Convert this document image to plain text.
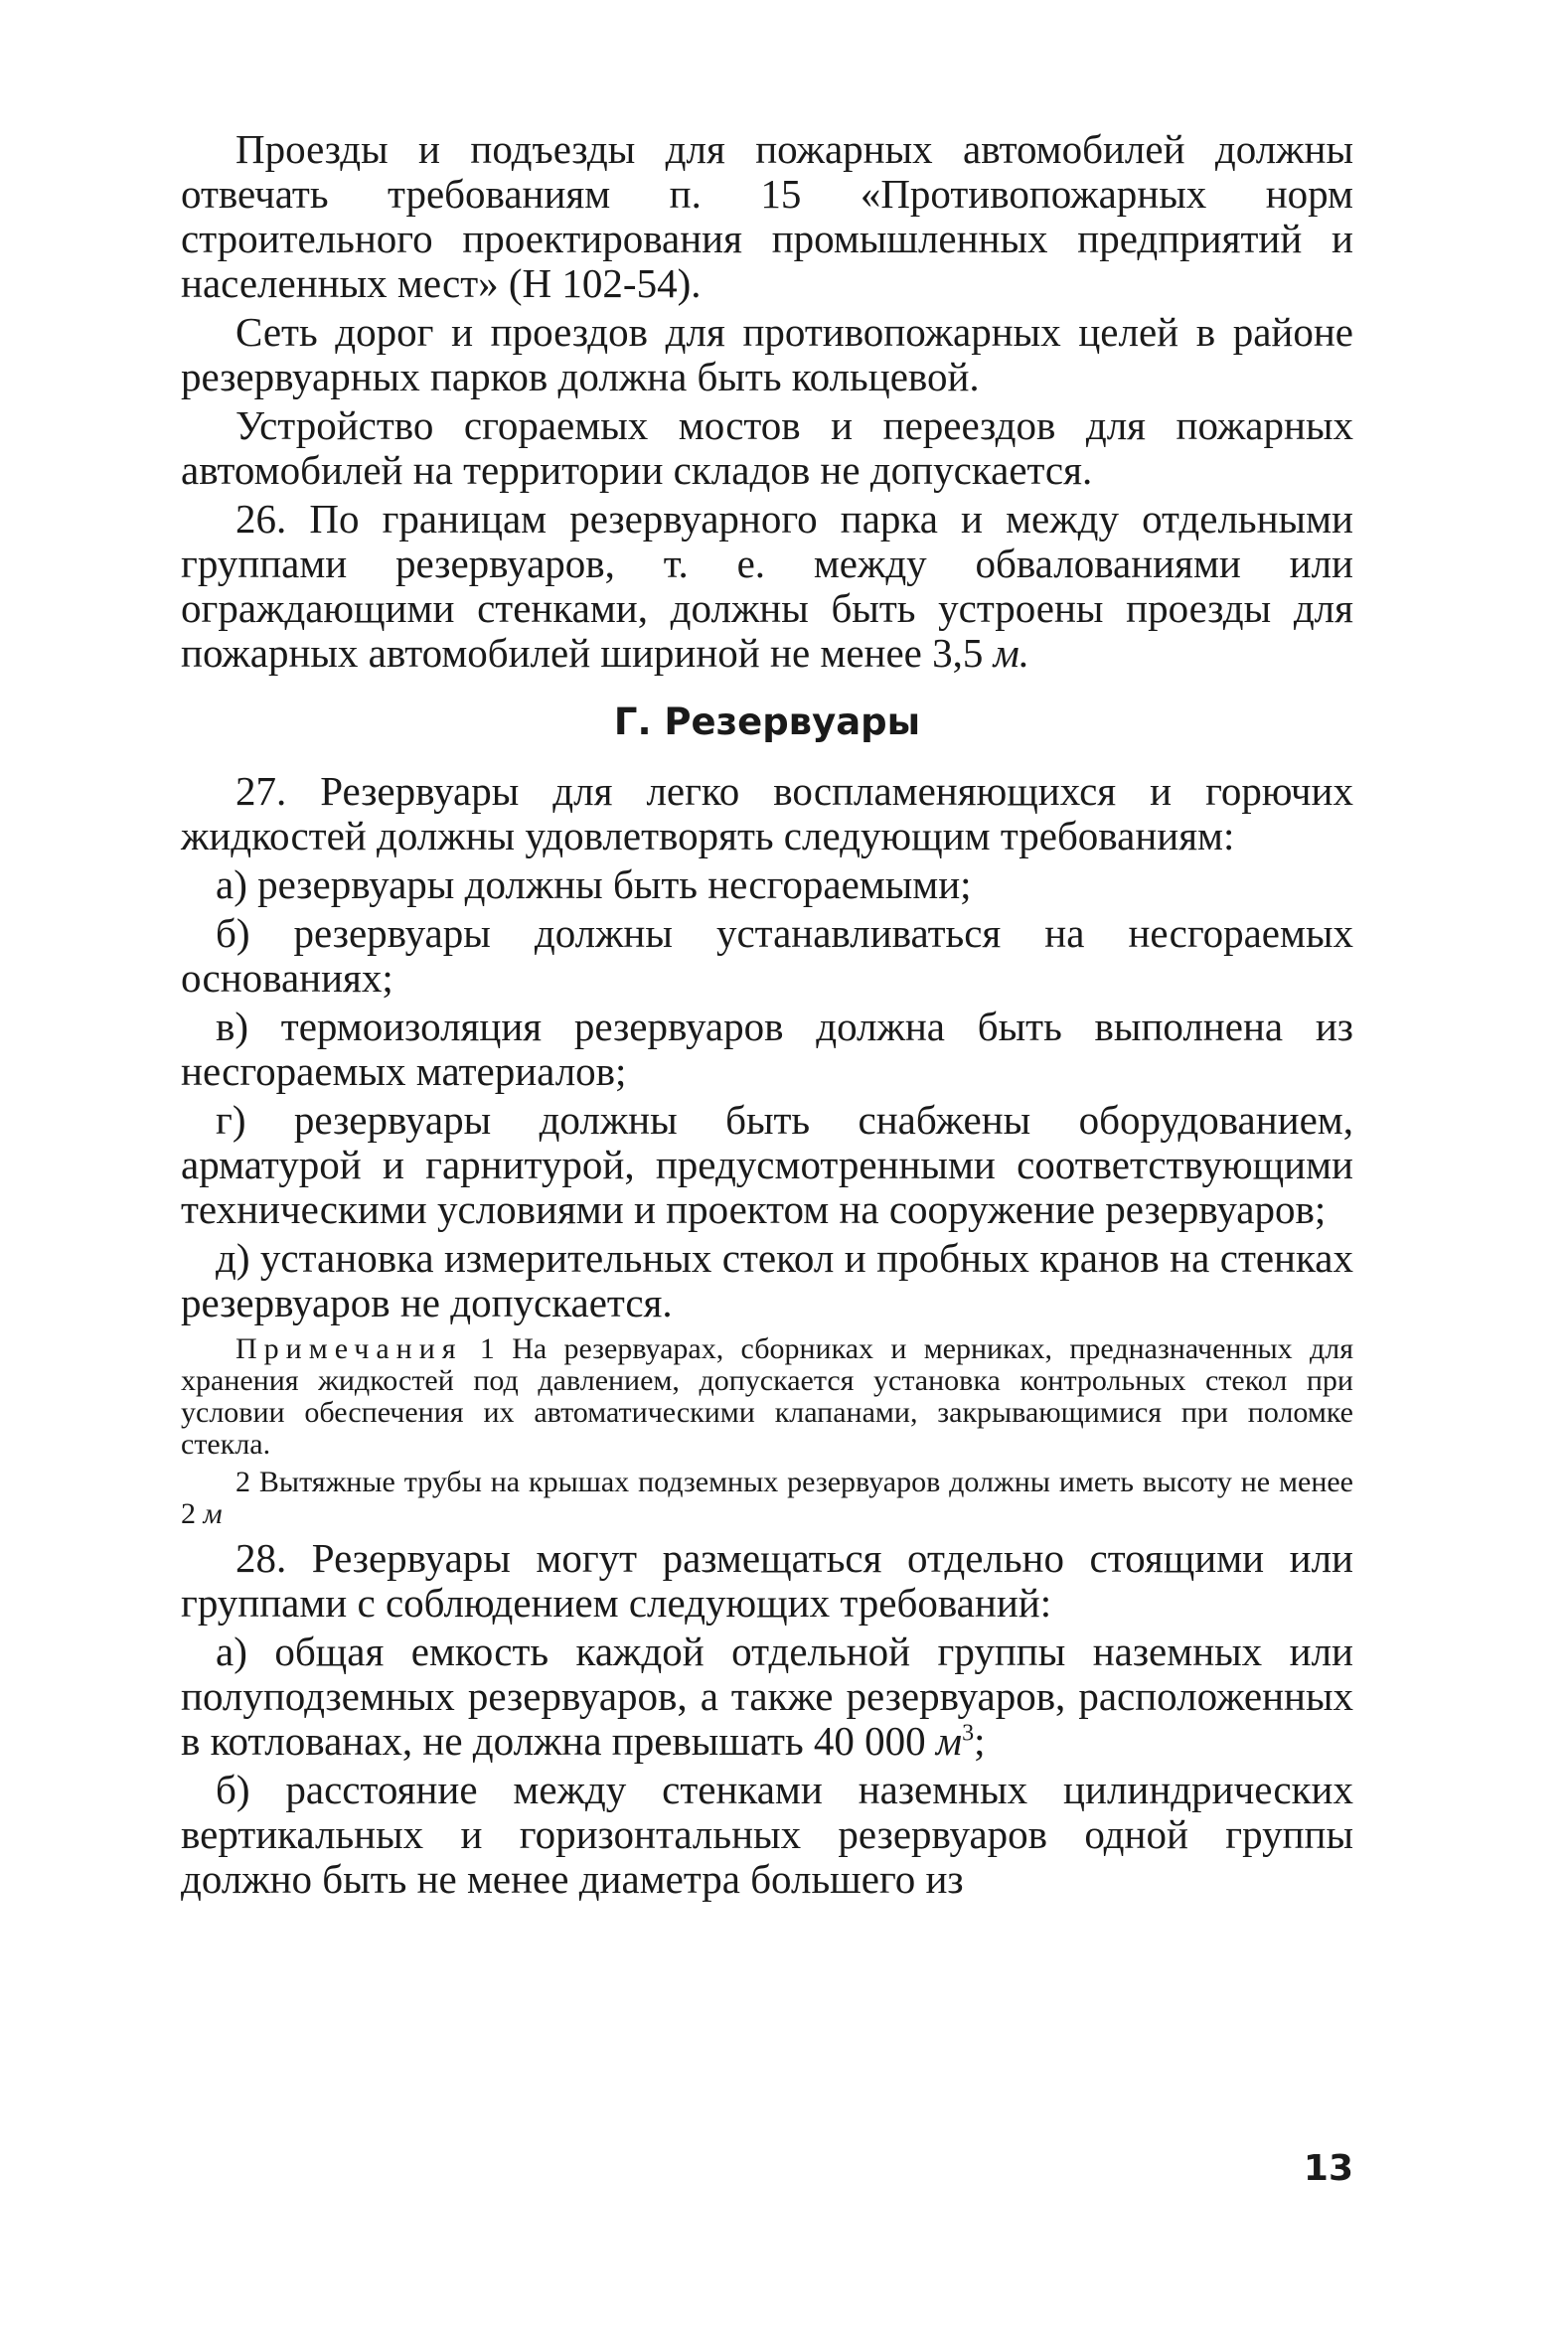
Проезды и подъезды для пожарных автомобилей должны отвечать требованиям п. 15 «Противопожарных норм строительного проектирования промышленных предприятий и населенных мест» (Н 102-54).

Сеть дорог и проездов для противопожарных целей в районе резервуарных парков должна быть кольцевой.

Устройство сгораемых мостов и переездов для пожарных автомобилей на территории складов не допускается.

26. По границам резервуарного парка и между отдельными группами резервуаров, т. е. между обвалованиями или ограждающими стенками, должны быть устроены проезды для пожарных автомобилей шириной не менее 3,5 м.

Г. Резервуары

27. Резервуары для легко воспламеняющихся и горючих жидкостей должны удовлетворять следующим требованиям:

а) резервуары должны быть несгораемыми;

б) резервуары должны устанавливаться на несгораемых основаниях;

в) термоизоляция резервуаров должна быть выполнена из несгораемых материалов;

г) резервуары должны быть снабжены оборудованием, арматурой и гарнитурой, предусмотренными соответствующими техническими условиями и проектом на сооружение резервуаров;

д) установка измерительных стекол и пробных кранов на стенках резервуаров не допускается.

Примечания 1 На резервуарах, сборниках и мерниках, предназначенных для хранения жидкостей под давлением, допускается установка контрольных стекол при условии обеспечения их автоматическими клапанами, закрывающимися при поломке стекла.

2 Вытяжные трубы на крышах подземных резервуаров должны иметь высоту не менее 2 м

28. Резервуары могут размещаться отдельно стоящими или группами с соблюдением следующих требований:

а) общая емкость каждой отдельной группы наземных или полуподземных резервуаров, а также резервуаров, расположенных в котлованах, не должна превышать 40 000 $м^3$;

б) расстояние между стенками наземных цилиндрических вертикальных и горизонтальных резервуаров одной группы должно быть не менее диаметра большего из

13
